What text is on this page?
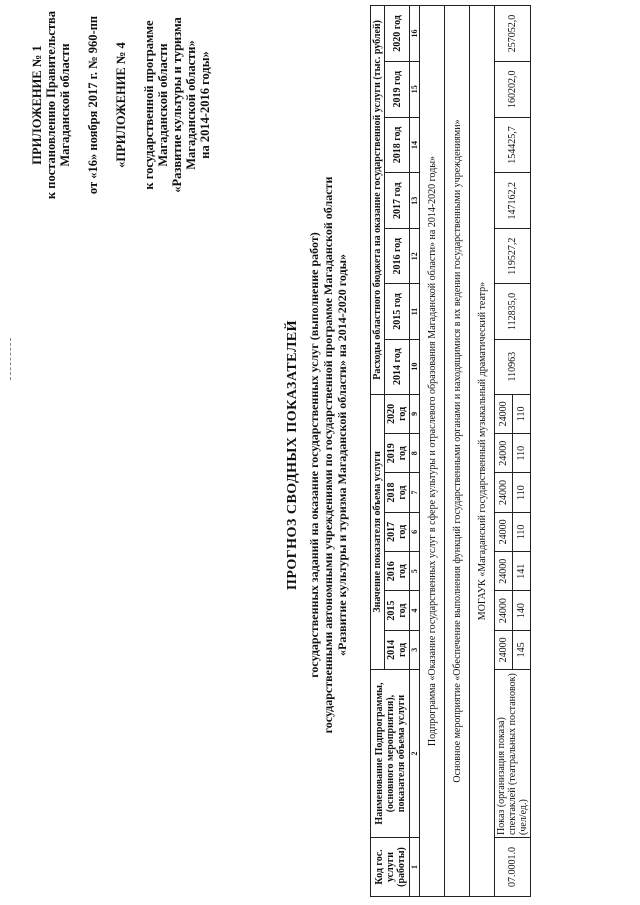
ПРИЛОЖЕНИЕ № 1 к постановлению Правительства Магаданской области от «16» ноября 2017 г. № 960-пп «ПРИЛОЖЕНИЕ № 4 к государственной программе Магаданской области «Развитие культуры и туризма Магаданской области» на 2014-2016 годы»
ПРОГНОЗ СВОДНЫХ ПОКАЗАТЕЛЕЙ государственных заданий на оказание государственных услуг (выполнение работ) государственными автономными учреждениями по государственной программе Магаданской области «Развитие культуры и туризма Магаданской области» на 2014-2020 годы»
Код гос. услуги (работы)	Наименование Подпрограммы, (основного мероприятия), показателя объема услуги	Значение показателя объема услуги							Расходы областного бюджета на оказание государственной услуги (тыс. рублей)						
		2014 год	2015 год	2016 год	2017 год	2018 год	2019 год	2020 год	2014 год	2015 год	2016 год	2017 год	2018 год	2019 год	2020 год
1	2	3	4	5	6	7	8	9	10	11	12	13	14	15	16
Подпрограмма «Оказание государственных услуг в сфере культуры и отраслевого образования Магаданской области» на 2014-2020 годы»															
Основное мероприятие «Обеспечение выполнения функций государственными органами и находящимися в их ведении государственными учреждениями»															
МОГАУК «Магаданский государственный музыкальный драматический театр»															
07.0001.0	Показ (организация показа) спектаклей (театральных постановок) (чел/ед.)	24000	24000	24000	24000	24000	24000	24000	110963	112835,0	119527,2	147162,2	154425,7	160202,0	257052,0
		145	140	141	110	110	110	110							
